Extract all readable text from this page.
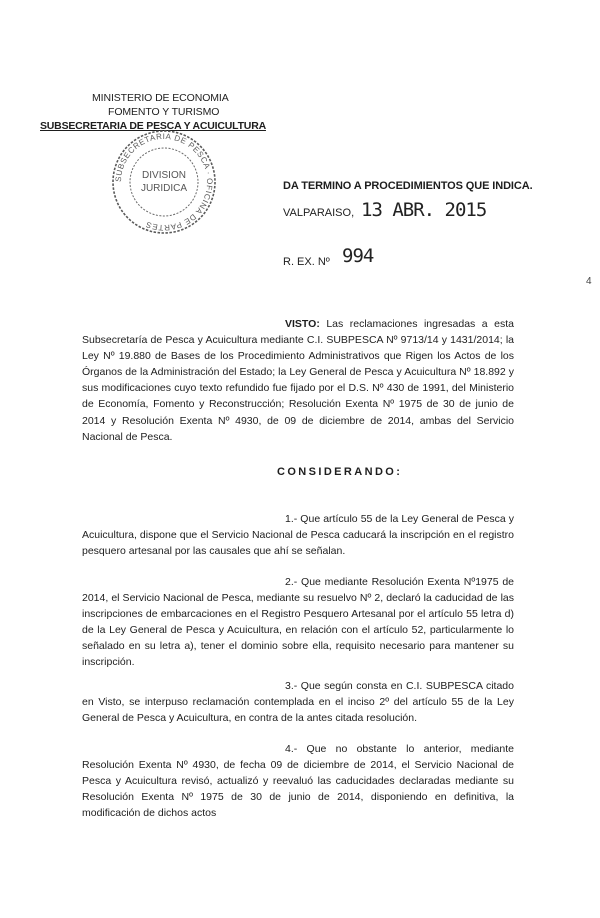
MINISTERIO DE ECONOMIA
FOMENTO Y TURISMO
SUBSECRETARIA DE PESCA Y ACUICULTURA
SUBSECRETARIA DE PESCA · OFICINA DE PARTES
DIVISION
JURIDICA	DA TERMINO A PROCEDIMIENTOS QUE INDICA.
VALPARAISO, 13 ABR. 2015
R. EX. Nº 994
4
VISTO: Las reclamaciones ingresadas a esta Subsecretaría de Pesca y Acuicultura mediante C.I. SUBPESCA Nº 9713/14 y 1431/2014; la Ley Nº 19.880 de Bases de los Procedimiento Administrativos que Rigen los Actos de los Órganos de la Administración del Estado; la Ley General de Pesca y Acuicultura Nº 18.892 y sus modificaciones cuyo texto refundido fue fijado por el D.S. Nº 430 de 1991, del Ministerio de Economía, Fomento y Reconstrucción; Resolución Exenta Nº 1975 de 30 de junio de 2014 y Resolución Exenta Nº 4930, de 09 de diciembre de 2014, ambas del Servicio Nacional de Pesca.
CONSIDERANDO:
1.- Que artículo 55 de la Ley General de Pesca y Acuicultura, dispone que el Servicio Nacional de Pesca caducará la inscripción en el registro pesquero artesanal por las causales que ahí se señalan.
2.- Que mediante Resolución Exenta Nº1975 de 2014, el Servicio Nacional de Pesca, mediante su resuelvo Nº 2, declaró la caducidad de las inscripciones de embarcaciones en el Registro Pesquero Artesanal por el artículo 55 letra d) de la Ley General de Pesca y Acuicultura, en relación con el artículo 52, particularmente lo señalado en su letra a), tener el dominio sobre ella, requisito necesario para mantener su inscripción.
3.- Que según consta en C.I. SUBPESCA citado en Visto, se interpuso reclamación contemplada en el inciso 2º del artículo 55 de la Ley General de Pesca y Acuicultura, en contra de la antes citada resolución.
4.- Que no obstante lo anterior, mediante Resolución Exenta Nº 4930, de fecha 09 de diciembre de 2014, el Servicio Nacional de Pesca y Acuicultura revisó, actualizó y reevaluó las caducidades declaradas mediante su Resolución Exenta Nº 1975 de 30 de junio de 2014, disponiendo en definitiva, la modificación de dichos actos
